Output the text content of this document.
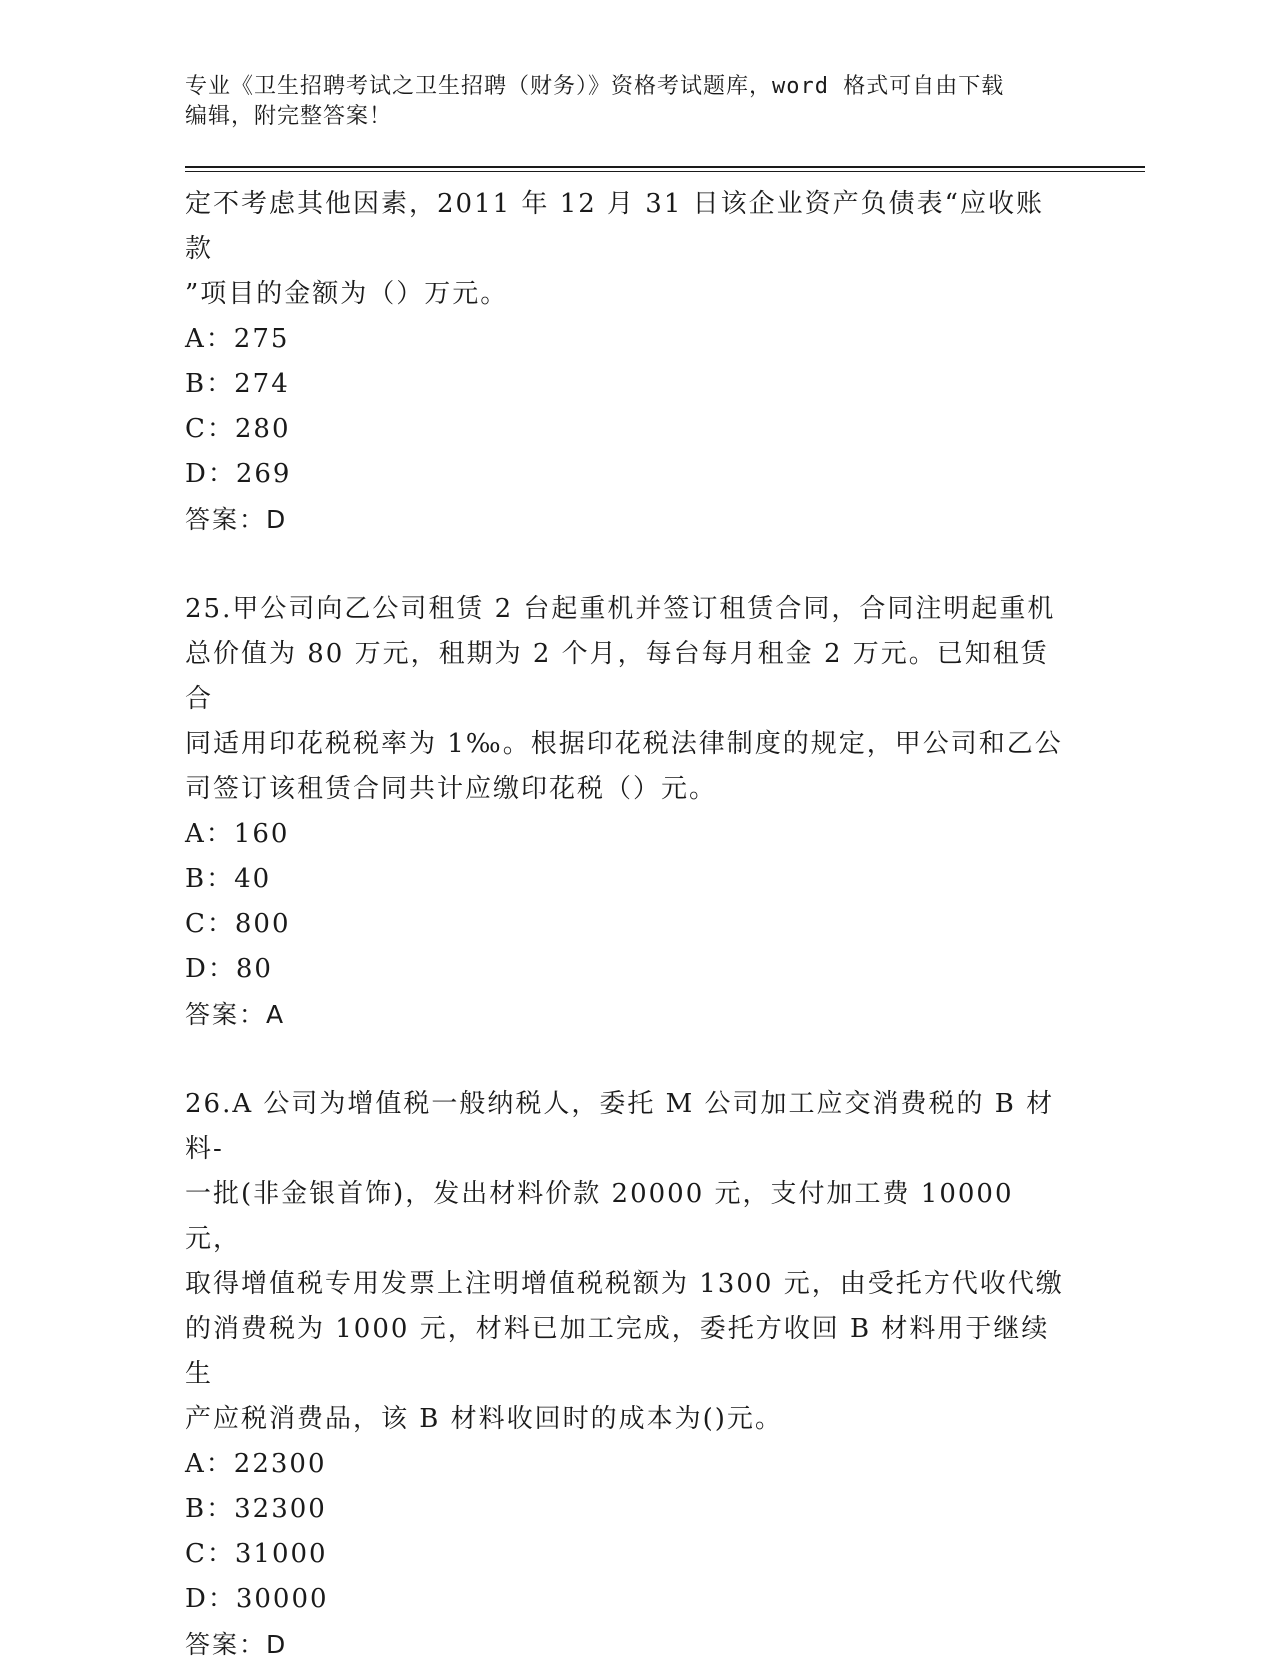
专业《卫生招聘考试之卫生招聘（财务）》资格考试题库，word 格式可自由下载
编辑，附完整答案！
定不考虑其他因素，2011 年 12 月 31 日该企业资产负债表“应收账款
”项目的金额为（）万元。
A：275
B：274
C：280
D：269
答案：D
25.甲公司向乙公司租赁 2 台起重机并签订租赁合同，合同注明起重机
总价值为 80 万元，租期为 2 个月，每台每月租金 2 万元。已知租赁合
同适用印花税税率为 1‰。根据印花税法律制度的规定，甲公司和乙公
司签订该租赁合同共计应缴印花税（）元。
A：160
B：40
C：800
D：80
答案：A
26.A 公司为增值税一般纳税人，委托 M 公司加工应交消费税的 B 材料-
一批(非金银首饰)，发出材料价款 20000 元，支付加工费 10000 元，
取得增值税专用发票上注明增值税税额为 1300 元，由受托方代收代缴
的消费税为 1000 元，材料已加工完成，委托方收回 B 材料用于继续生
产应税消费品，该 B 材料收回时的成本为()元。
A：22300
B：32300
C：31000
D：30000
答案：D
